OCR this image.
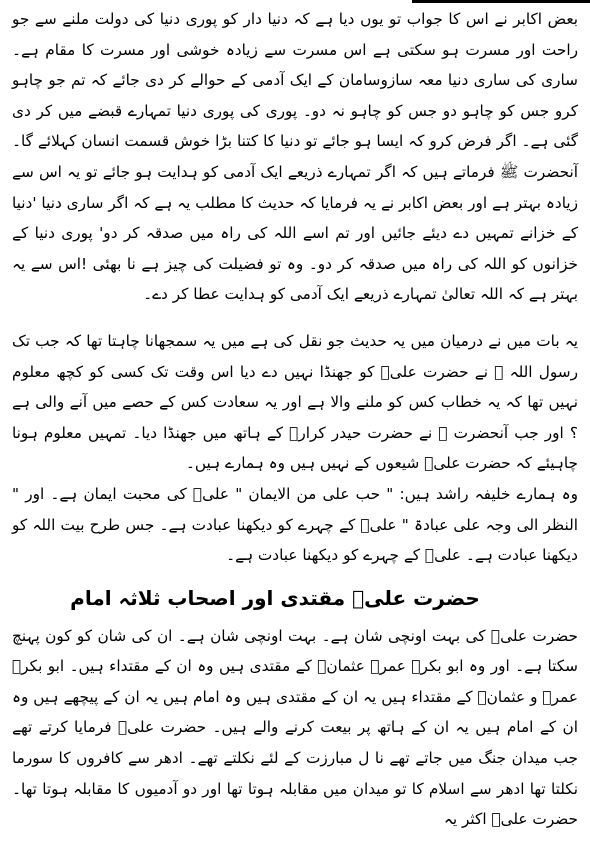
بعض اکابر نے اس کا جواب تو یوں دیا ہے کہ دنیا دار کو پوری دنیا کی دولت ملنے سے جو راحت اور مسرت ہو سکتی ہے اس مسرت سے زیادہ خوشی اور مسرت کا مقام ہے۔ ساری کی ساری دنیا معہ سازوسامان کے ایک آدمی کے حوالے کر دی جائے کہ تم جو چاہو کرو جس کو چاہو دو جس کو چاہو نہ دو۔ پوری کی پوری دنیا تمہارے قبضے میں کر دی گئی ہے۔ اگر فرض کرو کہ ایسا ہو جائے تو دنیا کا کتنا بڑا خوش قسمت انسان کہلائے گا۔ آنحضرت ﷺ فرماتے ہیں کہ اگر تمہارے ذریعے ایک آدمی کو ہدایت ہو جائے تو یہ اس سے زیادہ بہتر ہے اور بعض اکابر نے یہ فرمایا کہ حدیث کا مطلب یہ ہے کہ اگر ساری دنیا 'دنیا کے خزانے تمہیں دے دیئے جائیں اور تم اسے اللہ کی راہ میں صدقہ کر دو' پوری دنیا کے خزانوں کو اللہ کی راہ میں صدقہ کر دو۔ وہ تو فضیلت کی چیز ہے نا بھئی !اس سے یہ بہتر ہے کہ اللہ تعالیٰ تمہارے ذریعے ایک آدمی کو ہدایت عطا کر دے۔

یہ بات میں نے درمیان میں یہ حدیث جو نقل کی ہے میں یہ سمجھانا چاہتا تھا کہ جب تک رسول اللہ ﷺ نے حضرت علیؓ کو جھنڈا نہیں دے دیا اس وقت تک کسی کو کچھ معلوم نہیں تھا کہ یہ خطاب کس کو ملنے والا ہے اور یہ سعادت کس کے حصے میں آنے والی ہے ؟ اور جب آنحضرت ﷺ نے حضرت حیدر کرارؓ کے ہاتھ میں جھنڈا دیا۔ تمہیں معلوم ہونا چاہیئے کہ حضرت علیؓ شیعوں کے نہیں ہیں وہ ہمارے ہیں۔

وہ ہمارے خلیفہ راشد ہیں: " حب علی من الایمان " علیؓ کی محبت ایمان ہے۔ اور " النظر الی وجہ علی عبادۃ " علیؓ کے چہرے کو دیکھنا عبادت ہے۔ جس طرح بیت اللہ کو دیکھنا عبادت ہے۔ علیؓ کے چہرے کو دیکھنا عبادت ہے۔

حضرت علیؓ مقتدی اور اصحاب ثلاثہ امام

حضرت علیؓ کی بہت اونچی شان ہے۔ بہت اونچی شان ہے۔ ان کی شان کو کون پہنچ سکتا ہے۔ اور وہ ابو بکرؓ عمرؓ عثمانؓ کے مقتدی ہیں وہ ان کے مقتداء ہیں۔ ابو بکرؓ عمرؓ و عثمانؓ کے مقتداء ہیں یہ ان کے مقتدی ہیں وہ امام ہیں یہ ان کے پیچھے ہیں وہ ان کے امام ہیں یہ ان کے ہاتھ پر بیعت کرنے والے ہیں۔ حضرت علیؓ فرمایا کرتے تھے جب میدان جنگ میں جاتے تھے نا ل مبارزت کے لئے نکلتے تھے۔ ادھر سے کافروں کا سورما نکلتا تھا ادھر سے اسلام کا تو میدان میں مقابلہ ہوتا تھا اور دو آدمیوں کا مقابلہ ہوتا تھا۔ حضرت علیؓ اکثر یہ
